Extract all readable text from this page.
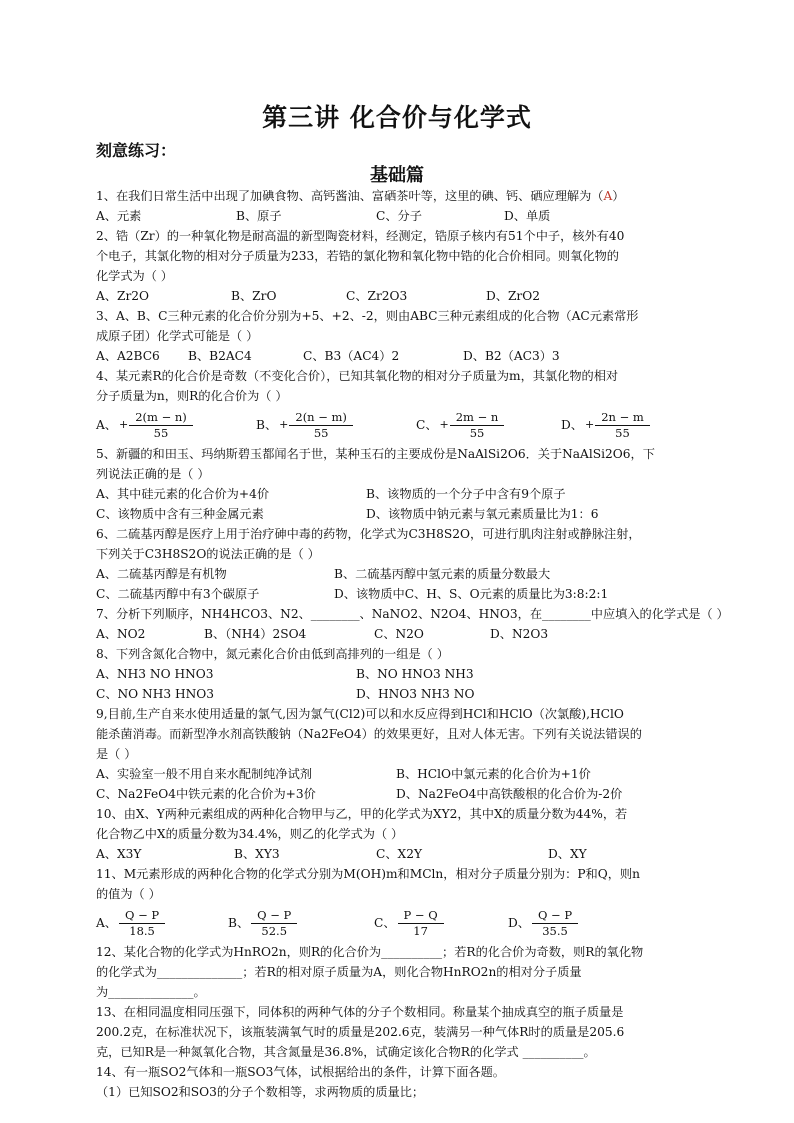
第三讲 化合价与化学式
刻意练习：
基础篇
1、在我们日常生活中出现了加碘食物、高钙酱油、富硒茶叶等，这里的碘、钙、硒应理解为（A）
A、元素	B、原子	C、分子	D、单质
2、锆（Zr）的一种氧化物是耐高温的新型陶瓷材料，经测定，锆原子核内有51个中子，核外有40
个电子，其氯化物的相对分子质量为233，若锆的氯化物和氧化物中锆的化合价相同。则氧化物的
化学式为（ ）
A、Zr2O	B、ZrO	C、Zr2O3	D、ZrO2
3、A、B、C三种元素的化合价分别为+5、+2、-2，则由ABC三种元素组成的化合物（AC元素常形
成原子团）化学式可能是（ ）
A、A2BC6	B、B2AC4	C、B3（AC4）2	D、B2（AC3）3
4、某元素R的化合价是奇数（不变化合价），已知其氧化物的相对分子质量为m，其氯化物的相对
分子质量为n，则R的化合价为（ ）
A、 + $\frac{2(m - n)}{55}$	B、 + $\frac{2(n - m)}{55}$	C、 + $\frac{2m - n}{55}$	D、 + $\frac{2n - m}{55}$
5、新疆的和田玉、玛纳斯碧玉都闻名于世，某种玉石的主要成份是NaAlSi2O6．关于NaAlSi2O6，下
列说法正确的是（ ）
A、其中硅元素的化合价为+4价	B、该物质的一个分子中含有9个原子
C、该物质中含有三种金属元素	D、该物质中钠元素与氧元素质量比为1：6
6、二硫基丙醇是医疗上用于治疗砷中毒的药物，化学式为C3H8S2O，可进行肌肉注射或静脉注射，
下列关于C3H8S2O的说法正确的是（ ）
A、二硫基丙醇是有机物	B、二硫基丙醇中氢元素的质量分数最大
C、二硫基丙醇中有3个碳原子	D、该物质中C、H、S、O元素的质量比为3:8:2:1
7、分析下列顺序，NH4HCO3、N2、________、NaNO2、N2O4、HNO3，在________中应填入的化学式是（ ）
A、NO2	B、（NH4）2SO4	C、N2O	D、N2O3
8、下列含氮化合物中，氮元素化合价由低到高排列的一组是（ ）
A、NH3 NO HNO3	B、NO HNO3 NH3
C、NO NH3 HNO3	D、HNO3 NH3 NO
9,目前,生产自来水使用适量的氯气,因为氯气(Cl2)可以和水反应得到HCl和HClO（次氯酸),HClO
能杀菌消毒。而新型净水剂高铁酸钠（Na2FeO4）的效果更好，且对人体无害。下列有关说法错误的
是（ ）
A、实验室一般不用自来水配制纯净试剂	B、HClO中氯元素的化合价为+1价
C、Na2FeO4中铁元素的化合价为+3价	D、Na2FeO4中高铁酸根的化合价为-2价
10、由X、Y两种元素组成的两种化合物甲与乙，甲的化学式为XY2，其中X的质量分数为44%，若
化合物乙中X的质量分数为34.4%，则乙的化学式为（ ）
A、X3Y	B、XY3	C、X2Y	D、XY
11、M元素形成的两种化合物的化学式分别为M(OH)m和MCln，相对分子质量分别为：P和Q，则n
的值为（ ）
A、 $\frac{Q - P}{18.5}$	B、 $\frac{Q - P}{52.5}$	C、 $\frac{P - Q}{17}$	D、 $\frac{Q - P}{35.5}$
12、某化合物的化学式为HnRO2n，则R的化合价为__________；若R的化合价为奇数，则R的氧化物
的化学式为______________；若R的相对原子质量为A，则化合物HnRO2n的相对分子质量
为______________。
13、在相同温度相同压强下，同体积的两种气体的分子个数相同。称量某个抽成真空的瓶子质量是
200.2克，在标准状况下，该瓶装满氧气时的质量是202.6克，装满另一种气体R时的质量是205.6
克，已知R是一种氮氧化合物，其含氮量是36.8%，试确定该化合物R的化学式 __________。
14、有一瓶SO2气体和一瓶SO3气体，试根据给出的条件，计算下面各题。
（1）已知SO2和SO3的分子个数相等，求两物质的质量比；
